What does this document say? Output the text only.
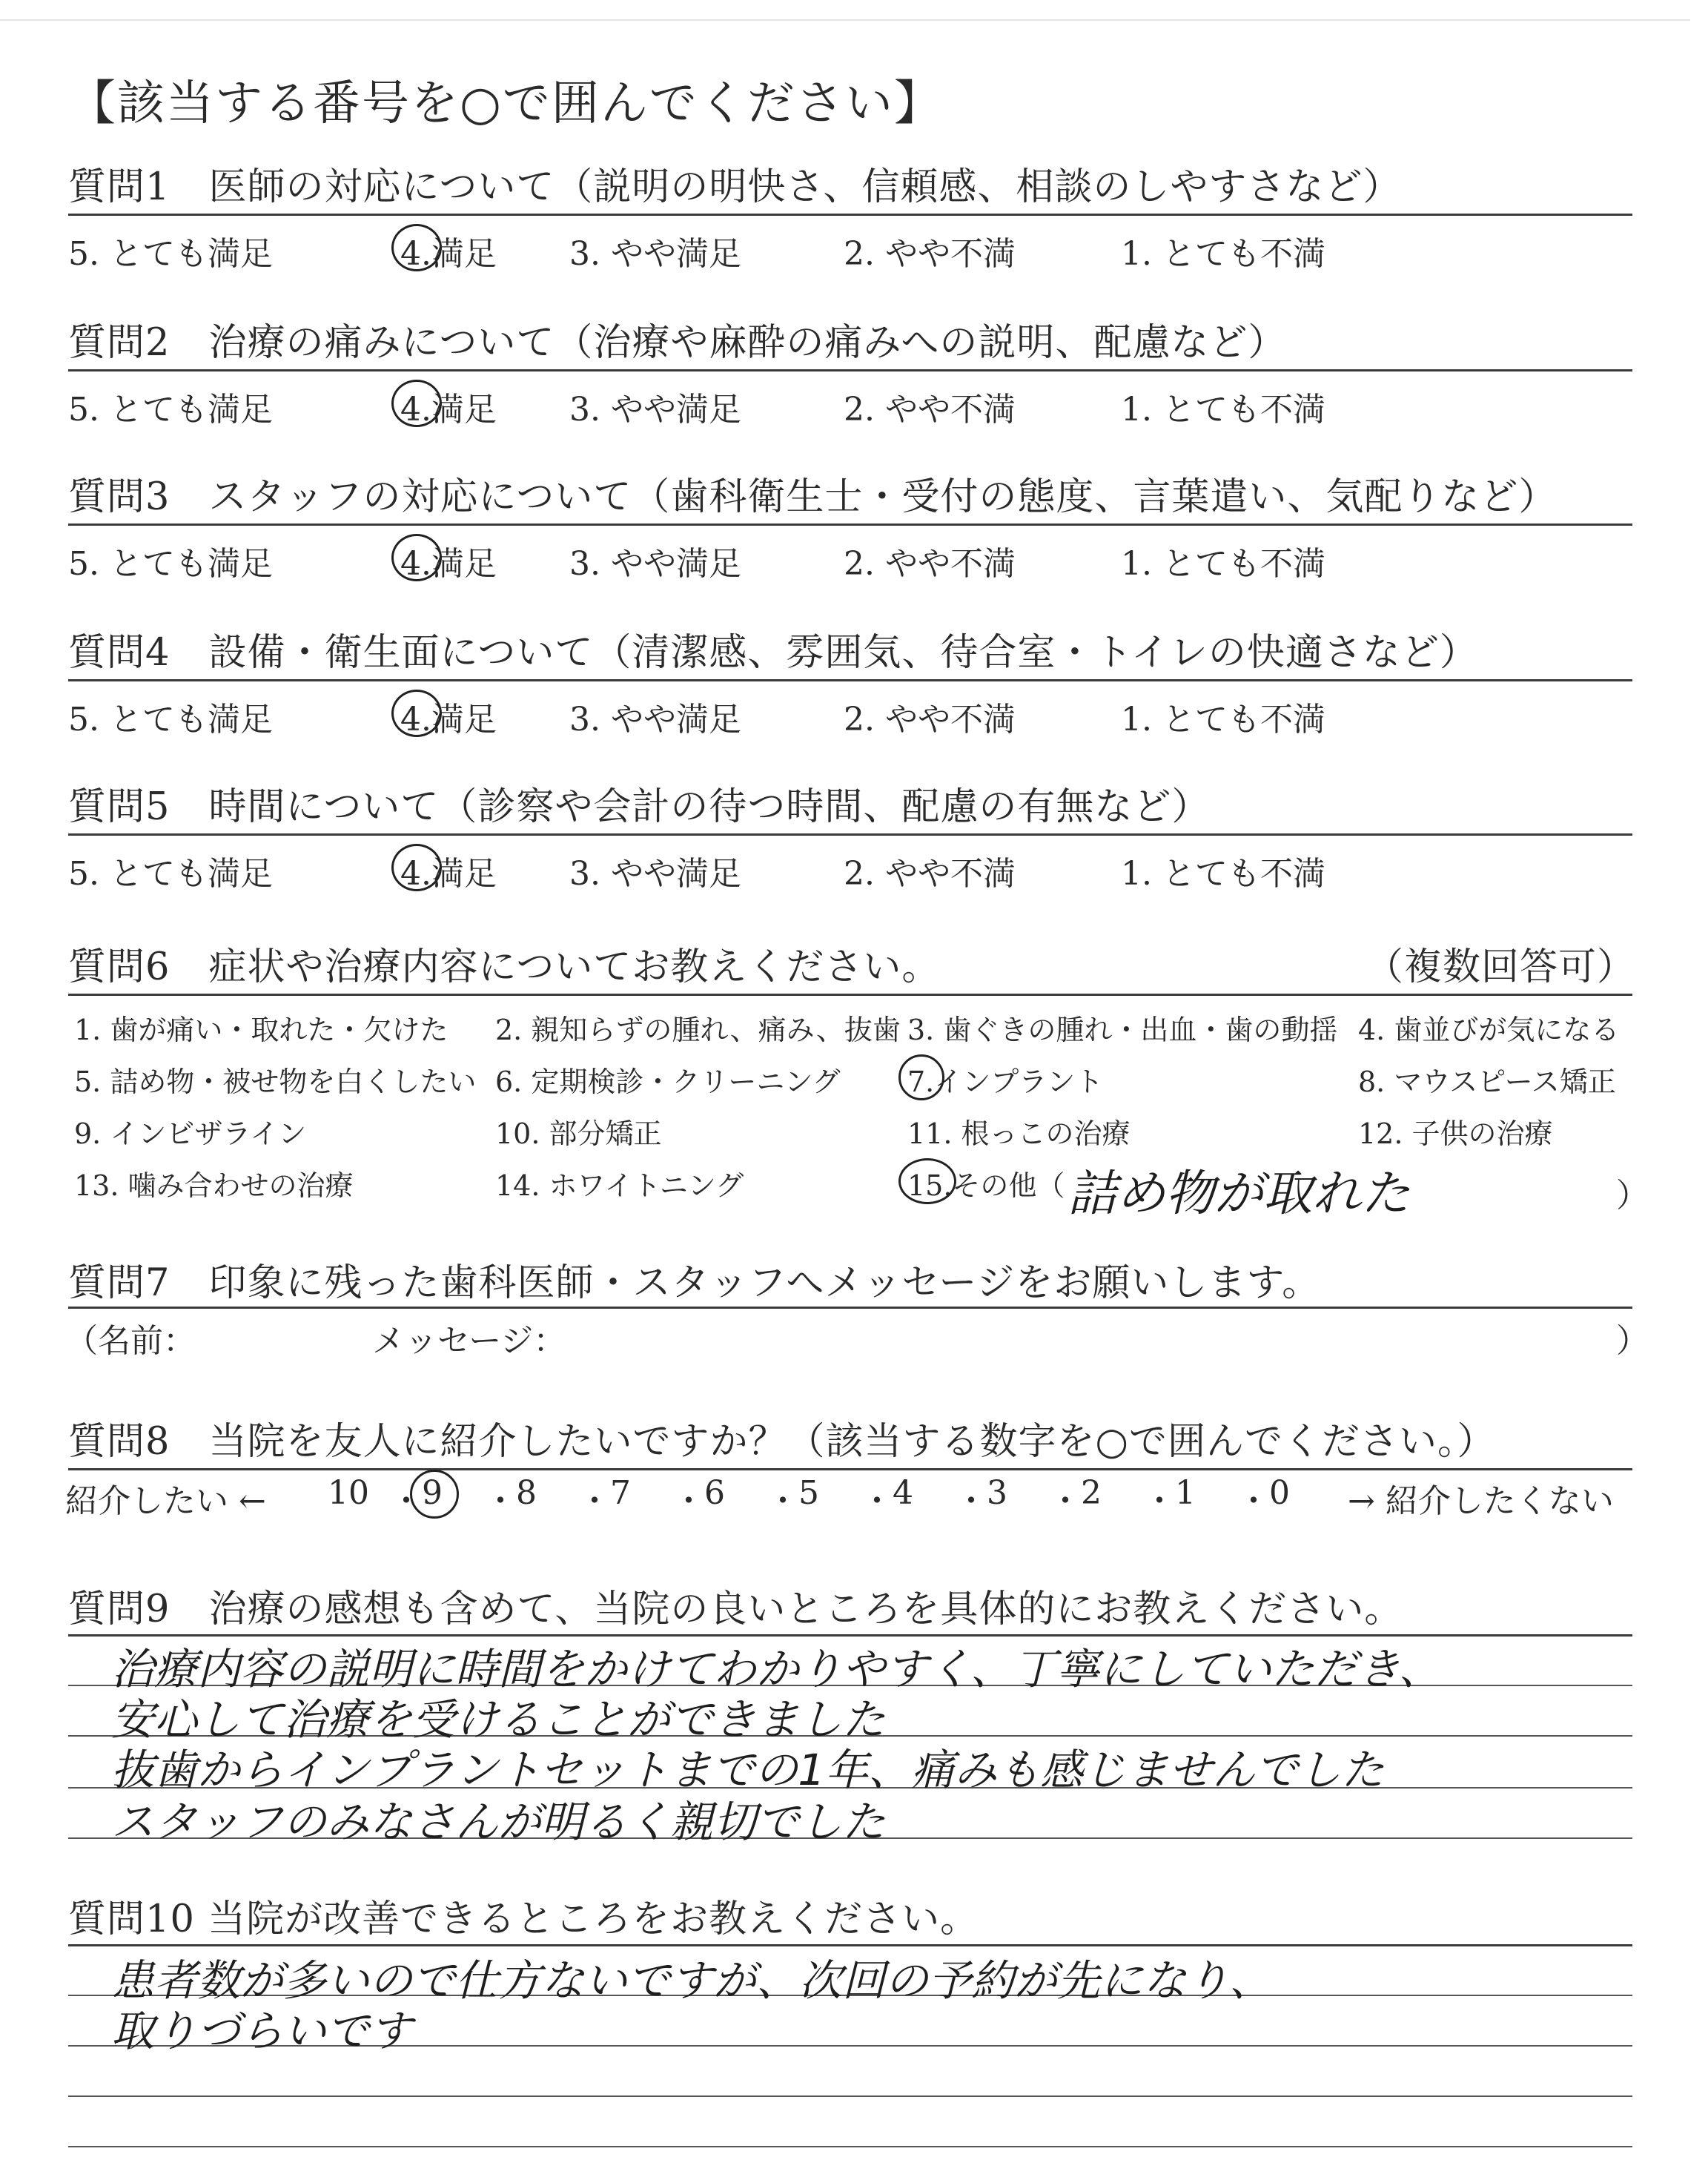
【該当する番号を○で囲んでください】
質問1　医師の対応について（説明の明快さ、信頼感、相談のしやすさなど）
5. とても満足	4.満足 3. やや満足	2. やや不満	1. とても不満
質問2　治療の痛みについて（治療や麻酔の痛みへの説明、配慮など）
5. とても満足	4.満足 3. やや満足	2. やや不満	1. とても不満
質問3　スタッフの対応について（歯科衛生士・受付の態度、言葉遣い、気配りなど）
5. とても満足	4.満足 3. やや満足	2. やや不満	1. とても不満
質問4　設備・衛生面について（清潔感、雰囲気、待合室・トイレの快適さなど）
5. とても満足	4.満足 3. やや満足	2. やや不満	1. とても不満
質問5　時間について（診察や会計の待つ時間、配慮の有無など）
5. とても満足	4.満足 3. やや満足	2. やや不満	1. とても不満
質問6　症状や治療内容についてお教えください。	（複数回答可）
1. 歯が痛い・取れた・欠けた 2. 親知らずの腫れ、痛み、抜歯 3. 歯ぐきの腫れ・出血・歯の動揺 4. 歯並びが気になる
5. 詰め物・被せ物を白くしたい 6. 定期検診・クリーニング 7.インプラント	8. マウスピース矯正
9. インビザライン	10. 部分矯正	11. 根っこの治療	12. 子供の治療
13. 噛み合わせの治療	14. ホワイトニング	15.その他（ 詰め物が取れた	）
質問7　印象に残った歯科医師・スタッフへメッセージをお願いします。
（名前：	メッセージ：	）
質問8　当院を友人に紹介したいですか？（該当する数字を○で囲んでください。）
紹介したい ← 10 ・ 9 ・ 8 ・ 7 ・ 6 ・ 5 ・ 4 ・ 3 ・ 2 ・ 1 ・ 0 → 紹介したくない
質問9　治療の感想も含めて、当院の良いところを具体的にお教えください。
治療内容の説明に時間をかけてわかりやすく、丁寧にしていただき、
安心して治療を受けることができました
抜歯からインプラントセットまでの1年、痛みも感じませんでした
スタッフのみなさんが明るく親切でした
質問10 当院が改善できるところをお教えください。
患者数が多いので仕方ないですが、次回の予約が先になり、
取りづらいです
